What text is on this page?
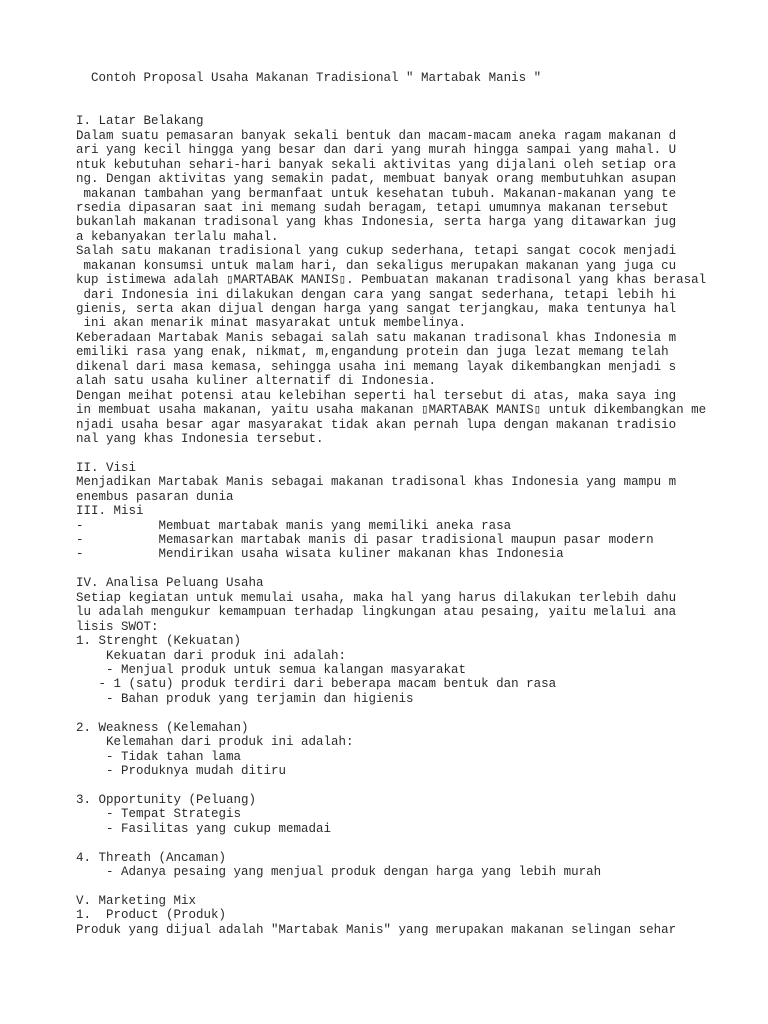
Contoh Proposal Usaha Makanan Tradisional " Martabak Manis "
I. Latar Belakang
Dalam suatu pemasaran banyak sekali bentuk dan macam-macam aneka ragam makanan d
ari yang kecil hingga yang besar dan dari yang murah hingga sampai yang mahal. U
ntuk kebutuhan sehari-hari banyak sekali aktivitas yang dijalani oleh setiap ora
ng. Dengan aktivitas yang semakin padat, membuat banyak orang membutuhkan asupan
makanan tambahan yang bermanfaat untuk kesehatan tubuh. Makanan-makanan yang te
rsedia dipasaran saat ini memang sudah beragam, tetapi umumnya makanan tersebut
bukanlah makanan tradisonal yang khas Indonesia, serta harga yang ditawarkan jug
a kebanyakan terlalu mahal.
Salah satu makanan tradisional yang cukup sederhana, tetapi sangat cocok menjadi
makanan konsumsi untuk malam hari, dan sekaligus merupakan makanan yang juga cu
kup istimewa adalah ▯MARTABAK MANIS▯. Pembuatan makanan tradisonal yang khas berasal
dari Indonesia ini dilakukan dengan cara yang sangat sederhana, tetapi lebih hi
gienis, serta akan dijual dengan harga yang sangat terjangkau, maka tentunya hal
ini akan menarik minat masyarakat untuk membelinya.
Keberadaan Martabak Manis sebagai salah satu makanan tradisonal khas Indonesia m
emiliki rasa yang enak, nikmat, m,engandung protein dan juga lezat memang telah
dikenal dari masa kemasa, sehingga usaha ini memang layak dikembangkan menjadi s
alah satu usaha kuliner alternatif di Indonesia.
Dengan meihat potensi atau kelebihan seperti hal tersebut di atas, maka saya ing
in membuat usaha makanan, yaitu usaha makanan ▯MARTABAK MANIS▯ untuk dikembangkan me
njadi usaha besar agar masyarakat tidak akan pernah lupa dengan makanan tradisio
nal yang khas Indonesia tersebut.
II. Visi
Menjadikan Martabak Manis sebagai makanan tradisonal khas Indonesia yang mampu m
enembus pasaran dunia
III. Misi
-          Membuat martabak manis yang memiliki aneka rasa
-          Memasarkan martabak manis di pasar tradisional maupun pasar modern
-          Mendirikan usaha wisata kuliner makanan khas Indonesia
IV. Analisa Peluang Usaha
Setiap kegiatan untuk memulai usaha, maka hal yang harus dilakukan terlebih dahu
lu adalah mengukur kemampuan terhadap lingkungan atau pesaing, yaitu melalui ana
lisis SWOT:
1. Strenght (Kekuatan)
Kekuatan dari produk ini adalah:
- Menjual produk untuk semua kalangan masyarakat
- 1 (satu) produk terdiri dari beberapa macam bentuk dan rasa
- Bahan produk yang terjamin dan higienis
2. Weakness (Kelemahan)
Kelemahan dari produk ini adalah:
- Tidak tahan lama
- Produknya mudah ditiru
3. Opportunity (Peluang)
- Tempat Strategis
- Fasilitas yang cukup memadai
4. Threath (Ancaman)
- Adanya pesaing yang menjual produk dengan harga yang lebih murah
V. Marketing Mix
1.  Product (Produk)
Produk yang dijual adalah "Martabak Manis" yang merupakan makanan selingan sehar
